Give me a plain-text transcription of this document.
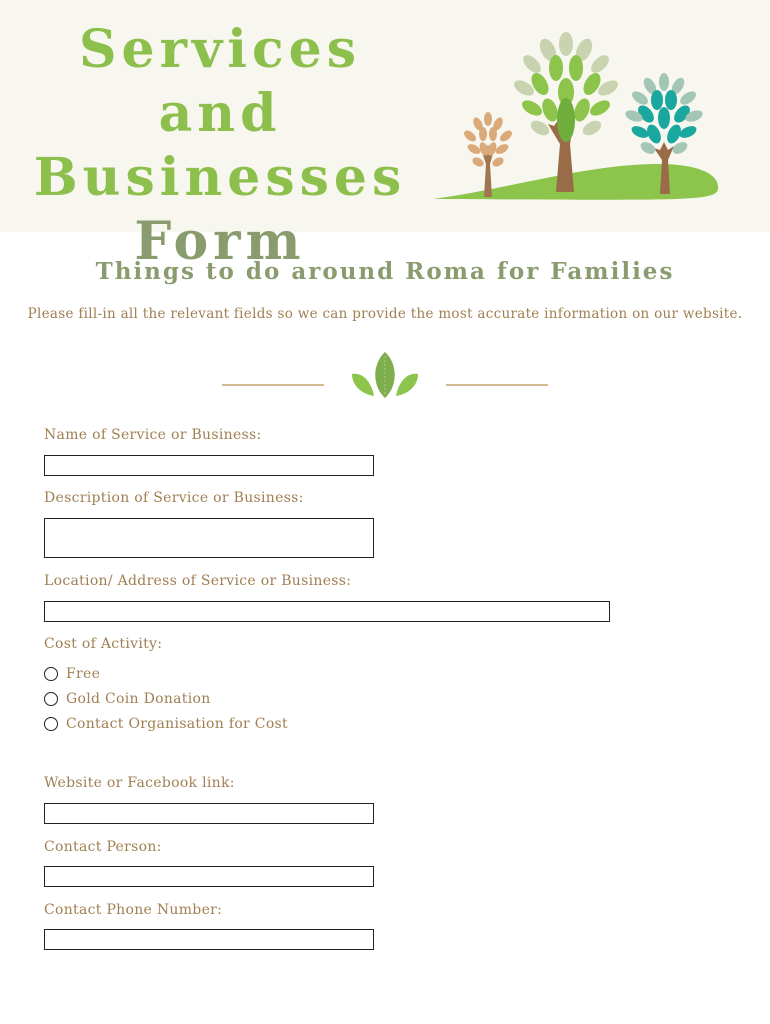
Services and
Businesses
Form
Things to do around Roma for Families
Please fill-in all the relevant fields so we can provide the most accurate information on our website.
Name of Service or Business:
Description of Service or Business:
Location/ Address of Service or Business:
Cost of Activity:
Free
Gold Coin Donation
Contact Organisation for Cost
Website or Facebook link:
Contact Person:
Contact Phone Number:
